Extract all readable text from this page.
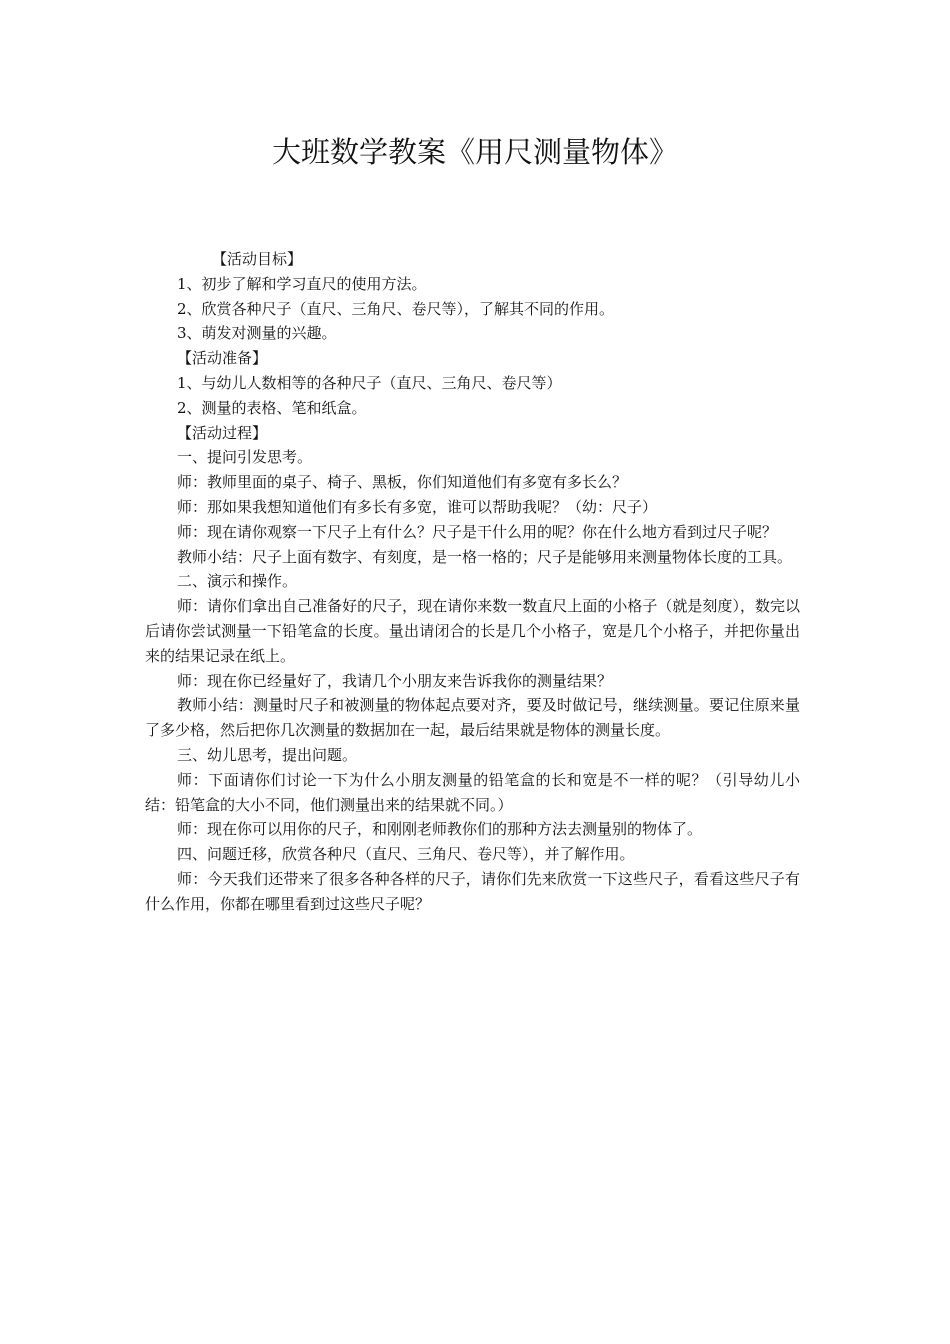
大班数学教案《用尺测量物体》

【活动目标】

1、初步了解和学习直尺的使用方法。

2、欣赏各种尺子（直尺、三角尺、卷尺等），了解其不同的作用。

3、萌发对测量的兴趣。

【活动准备】

1、与幼儿人数相等的各种尺子（直尺、三角尺、卷尺等）

2、测量的表格、笔和纸盒。

【活动过程】

一、提问引发思考。

师：教师里面的桌子、椅子、黑板，你们知道他们有多宽有多长么？

师：那如果我想知道他们有多长有多宽，谁可以帮助我呢？（幼：尺子）

师：现在请你观察一下尺子上有什么？尺子是干什么用的呢？你在什么地方看到过尺子呢？

教师小结：尺子上面有数字、有刻度，是一格一格的；尺子是能够用来测量物体长度的工具。

二、演示和操作。

师：请你们拿出自己准备好的尺子，现在请你来数一数直尺上面的小格子（就是刻度），数完以后请你尝试测量一下铅笔盒的长度。量出请闭合的长是几个小格子，宽是几个小格子，并把你量出来的结果记录在纸上。

师：现在你已经量好了，我请几个小朋友来告诉我你的测量结果？

教师小结：测量时尺子和被测量的物体起点要对齐，要及时做记号，继续测量。要记住原来量了多少格，然后把你几次测量的数据加在一起，最后结果就是物体的测量长度。

三、幼儿思考，提出问题。

师：下面请你们讨论一下为什么小朋友测量的铅笔盒的长和宽是不一样的呢？（引导幼儿小结：铅笔盒的大小不同，他们测量出来的结果就不同。）

师：现在你可以用你的尺子，和刚刚老师教你们的那种方法去测量别的物体了。

四、问题迁移，欣赏各种尺（直尺、三角尺、卷尺等），并了解作用。

师：今天我们还带来了很多各种各样的尺子，请你们先来欣赏一下这些尺子，看看这些尺子有什么作用，你都在哪里看到过这些尺子呢？
